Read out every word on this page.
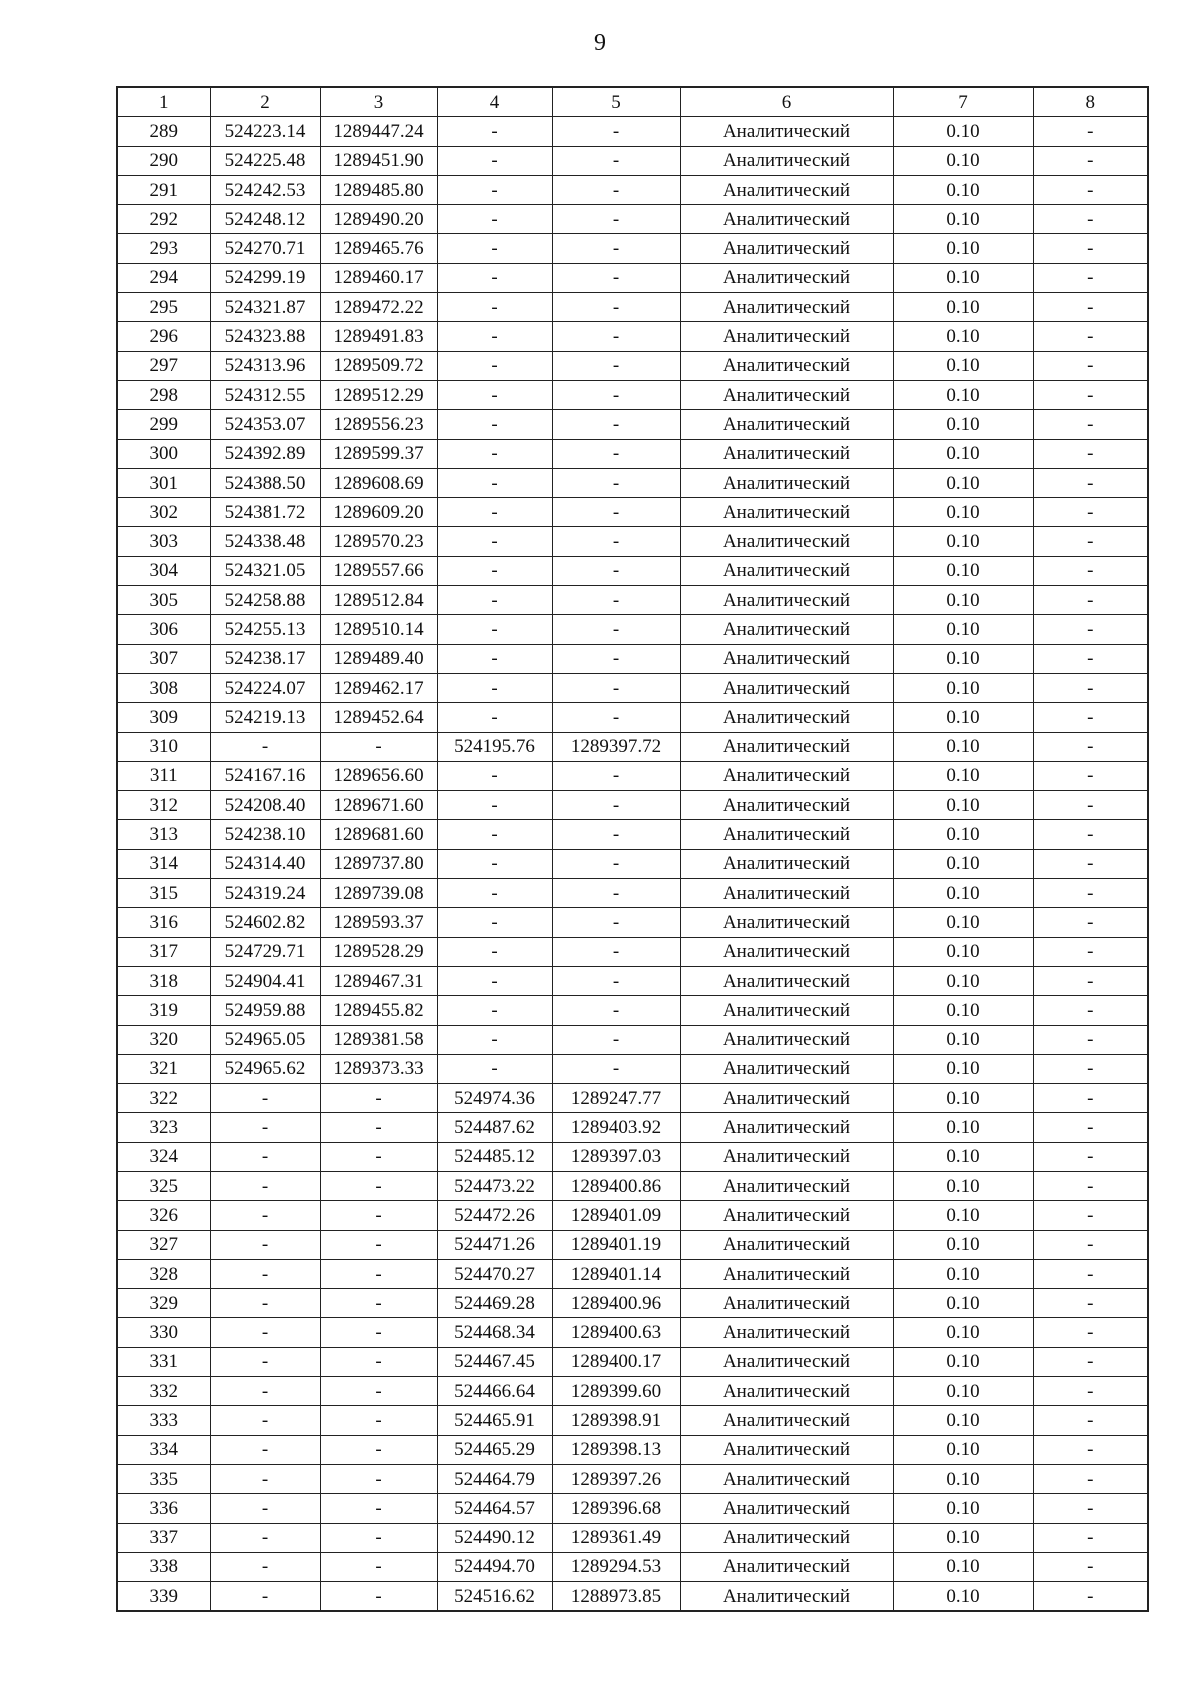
9
1	2	3	4	5	6	7	8
289	524223.14	1289447.24	-	-	Аналитический	0.10	-
290	524225.48	1289451.90	-	-	Аналитический	0.10	-
291	524242.53	1289485.80	-	-	Аналитический	0.10	-
292	524248.12	1289490.20	-	-	Аналитический	0.10	-
293	524270.71	1289465.76	-	-	Аналитический	0.10	-
294	524299.19	1289460.17	-	-	Аналитический	0.10	-
295	524321.87	1289472.22	-	-	Аналитический	0.10	-
296	524323.88	1289491.83	-	-	Аналитический	0.10	-
297	524313.96	1289509.72	-	-	Аналитический	0.10	-
298	524312.55	1289512.29	-	-	Аналитический	0.10	-
299	524353.07	1289556.23	-	-	Аналитический	0.10	-
300	524392.89	1289599.37	-	-	Аналитический	0.10	-
301	524388.50	1289608.69	-	-	Аналитический	0.10	-
302	524381.72	1289609.20	-	-	Аналитический	0.10	-
303	524338.48	1289570.23	-	-	Аналитический	0.10	-
304	524321.05	1289557.66	-	-	Аналитический	0.10	-
305	524258.88	1289512.84	-	-	Аналитический	0.10	-
306	524255.13	1289510.14	-	-	Аналитический	0.10	-
307	524238.17	1289489.40	-	-	Аналитический	0.10	-
308	524224.07	1289462.17	-	-	Аналитический	0.10	-
309	524219.13	1289452.64	-	-	Аналитический	0.10	-
310	-	-	524195.76	1289397.72	Аналитический	0.10	-
311	524167.16	1289656.60	-	-	Аналитический	0.10	-
312	524208.40	1289671.60	-	-	Аналитический	0.10	-
313	524238.10	1289681.60	-	-	Аналитический	0.10	-
314	524314.40	1289737.80	-	-	Аналитический	0.10	-
315	524319.24	1289739.08	-	-	Аналитический	0.10	-
316	524602.82	1289593.37	-	-	Аналитический	0.10	-
317	524729.71	1289528.29	-	-	Аналитический	0.10	-
318	524904.41	1289467.31	-	-	Аналитический	0.10	-
319	524959.88	1289455.82	-	-	Аналитический	0.10	-
320	524965.05	1289381.58	-	-	Аналитический	0.10	-
321	524965.62	1289373.33	-	-	Аналитический	0.10	-
322	-	-	524974.36	1289247.77	Аналитический	0.10	-
323	-	-	524487.62	1289403.92	Аналитический	0.10	-
324	-	-	524485.12	1289397.03	Аналитический	0.10	-
325	-	-	524473.22	1289400.86	Аналитический	0.10	-
326	-	-	524472.26	1289401.09	Аналитический	0.10	-
327	-	-	524471.26	1289401.19	Аналитический	0.10	-
328	-	-	524470.27	1289401.14	Аналитический	0.10	-
329	-	-	524469.28	1289400.96	Аналитический	0.10	-
330	-	-	524468.34	1289400.63	Аналитический	0.10	-
331	-	-	524467.45	1289400.17	Аналитический	0.10	-
332	-	-	524466.64	1289399.60	Аналитический	0.10	-
333	-	-	524465.91	1289398.91	Аналитический	0.10	-
334	-	-	524465.29	1289398.13	Аналитический	0.10	-
335	-	-	524464.79	1289397.26	Аналитический	0.10	-
336	-	-	524464.57	1289396.68	Аналитический	0.10	-
337	-	-	524490.12	1289361.49	Аналитический	0.10	-
338	-	-	524494.70	1289294.53	Аналитический	0.10	-
339	-	-	524516.62	1288973.85	Аналитический	0.10	-
